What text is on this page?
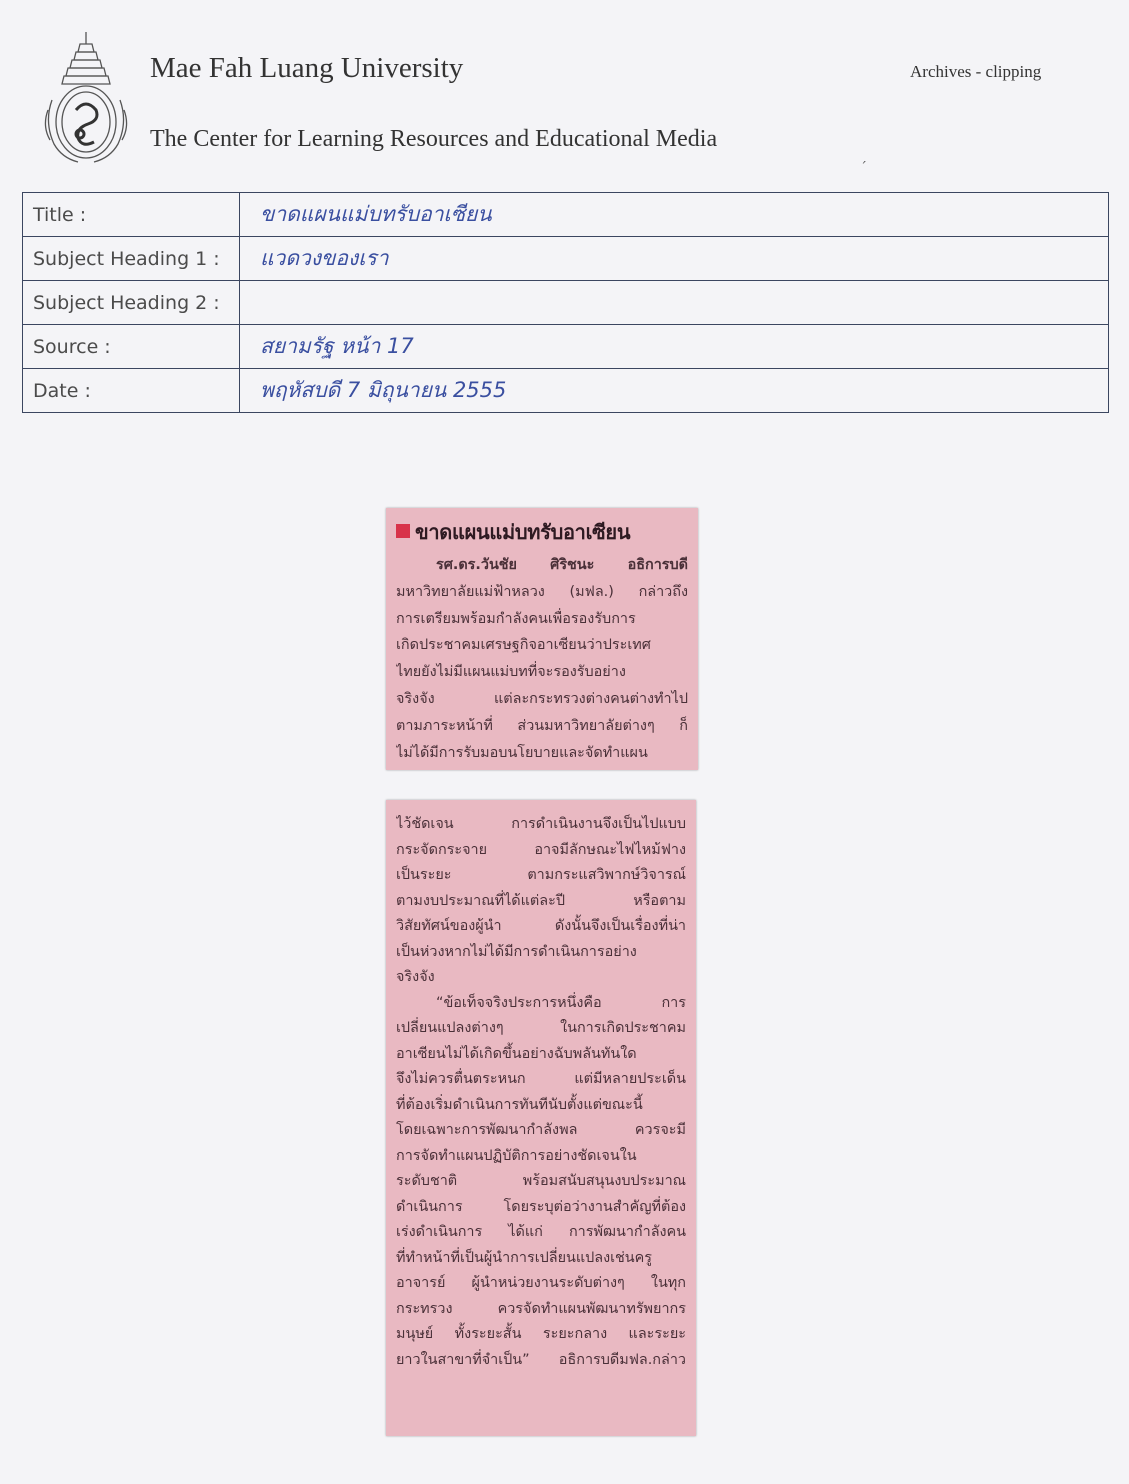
Mae Fah Luang University
The Center for Learning Resources and Educational Media
Archives - clipping
ˊ
Title :	ขาดแผนแม่บทรับอาเซียน
Subject Heading 1 :	แวดวงของเรา
Subject Heading 2 :	
Source :	สยามรัฐ หน้า 17
Date :	พฤหัสบดี 7 มิถุนายน 2555
ขาดแผนแม่บทรับอาเซียน
รศ.ดร.วันชัย ศิริชนะ อธิการบดี
มหาวิทยาลัยแม่ฟ้าหลวง (มฟล.) กล่าวถึง
การเตรียมพร้อมกำลังคนเพื่อรองรับการ
เกิดประชาคมเศรษฐกิจอาเซียนว่าประเทศ
ไทยยังไม่มีแผนแม่บทที่จะรองรับอย่าง
จริงจัง แต่ละกระทรวงต่างคนต่างทำไป
ตามภาระหน้าที่ ส่วนมหาวิทยาลัยต่างๆ ก็
ไม่ได้มีการรับมอบนโยบายและจัดทำแผน
ไว้ชัดเจน การดำเนินงานจึงเป็นไปแบบ
กระจัดกระจาย อาจมีลักษณะไฟไหม้ฟาง
เป็นระยะ ตามกระแสวิพากษ์วิจารณ์
ตามงบประมาณที่ได้แต่ละปี หรือตาม
วิสัยทัศน์ของผู้นำ ดังนั้นจึงเป็นเรื่องที่น่า
เป็นห่วงหากไม่ได้มีการดำเนินการอย่าง
จริงจัง
“ข้อเท็จจริงประการหนึ่งคือ การ
เปลี่ยนแปลงต่างๆ ในการเกิดประชาคม
อาเซียนไม่ได้เกิดขึ้นอย่างฉับพลันทันใด
จึงไม่ควรตื่นตระหนก แต่มีหลายประเด็น
ที่ต้องเริ่มดำเนินการทันทีนับตั้งแต่ขณะนี้
โดยเฉพาะการพัฒนากำลังพล ควรจะมี
การจัดทำแผนปฏิบัติการอย่างชัดเจนใน
ระดับชาติ พร้อมสนับสนุนงบประมาณ
ดำเนินการ โดยระบุต่อว่างานสำคัญที่ต้อง
เร่งดำเนินการ ได้แก่ การพัฒนากำลังคน
ที่ทำหน้าที่เป็นผู้นำการเปลี่ยนแปลงเช่นครู
อาจารย์ ผู้นำหน่วยงานระดับต่างๆ ในทุก
กระทรวง ควรจัดทำแผนพัฒนาทรัพยากร
มนุษย์ ทั้งระยะสั้น ระยะกลาง และระยะ
ยาวในสาขาที่จำเป็น” อธิการบดีมฟล.กล่าว
